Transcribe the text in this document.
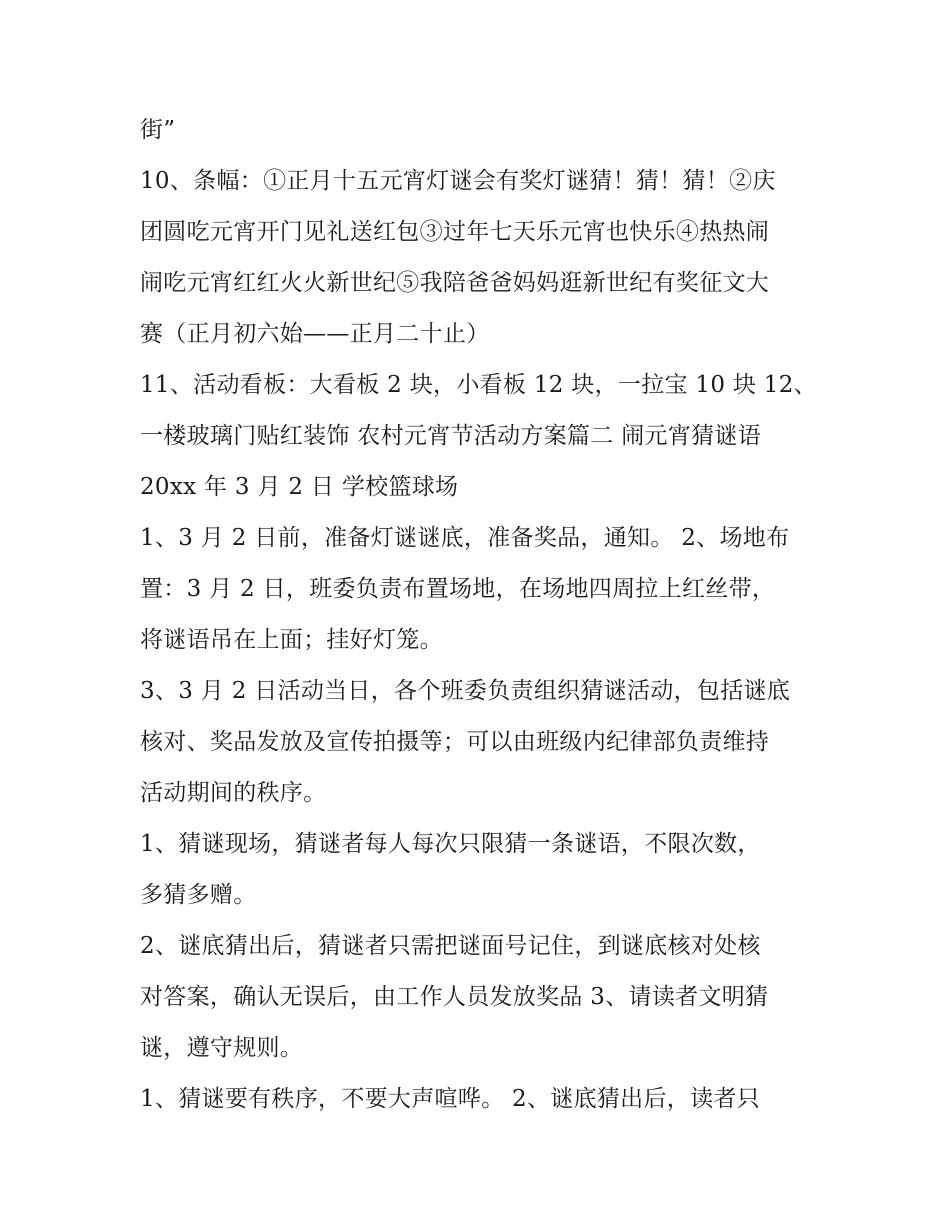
街”
10、条幅：①正月十五元宵灯谜会有奖灯谜猜！猜！猜！②庆
团圆吃元宵开门见礼送红包③过年七天乐元宵也快乐④热热闹
闹吃元宵红红火火新世纪⑤我陪爸爸妈妈逛新世纪有奖征文大
赛（正月初六始——正月二十止）
11、活动看板：大看板 2 块，小看板 12 块，一拉宝 10 块 12、
一楼玻璃门贴红装饰 农村元宵节活动方案篇二 闹元宵猜谜语
20xx 年 3 月 2 日 学校篮球场
1、3 月 2 日前，准备灯谜谜底，准备奖品，通知。 2、场地布
置：3 月 2 日，班委负责布置场地，在场地四周拉上红丝带，
将谜语吊在上面；挂好灯笼。
3、3 月 2 日活动当日，各个班委负责组织猜谜活动，包括谜底
核对、奖品发放及宣传拍摄等；可以由班级内纪律部负责维持
活动期间的秩序。
1、猜谜现场，猜谜者每人每次只限猜一条谜语，不限次数，
多猜多赠。
2、谜底猜出后，猜谜者只需把谜面号记住，到谜底核对处核
对答案，确认无误后，由工作人员发放奖品 3、请读者文明猜
谜，遵守规则。
1、猜谜要有秩序，不要大声喧哗。 2、谜底猜出后，读者只
